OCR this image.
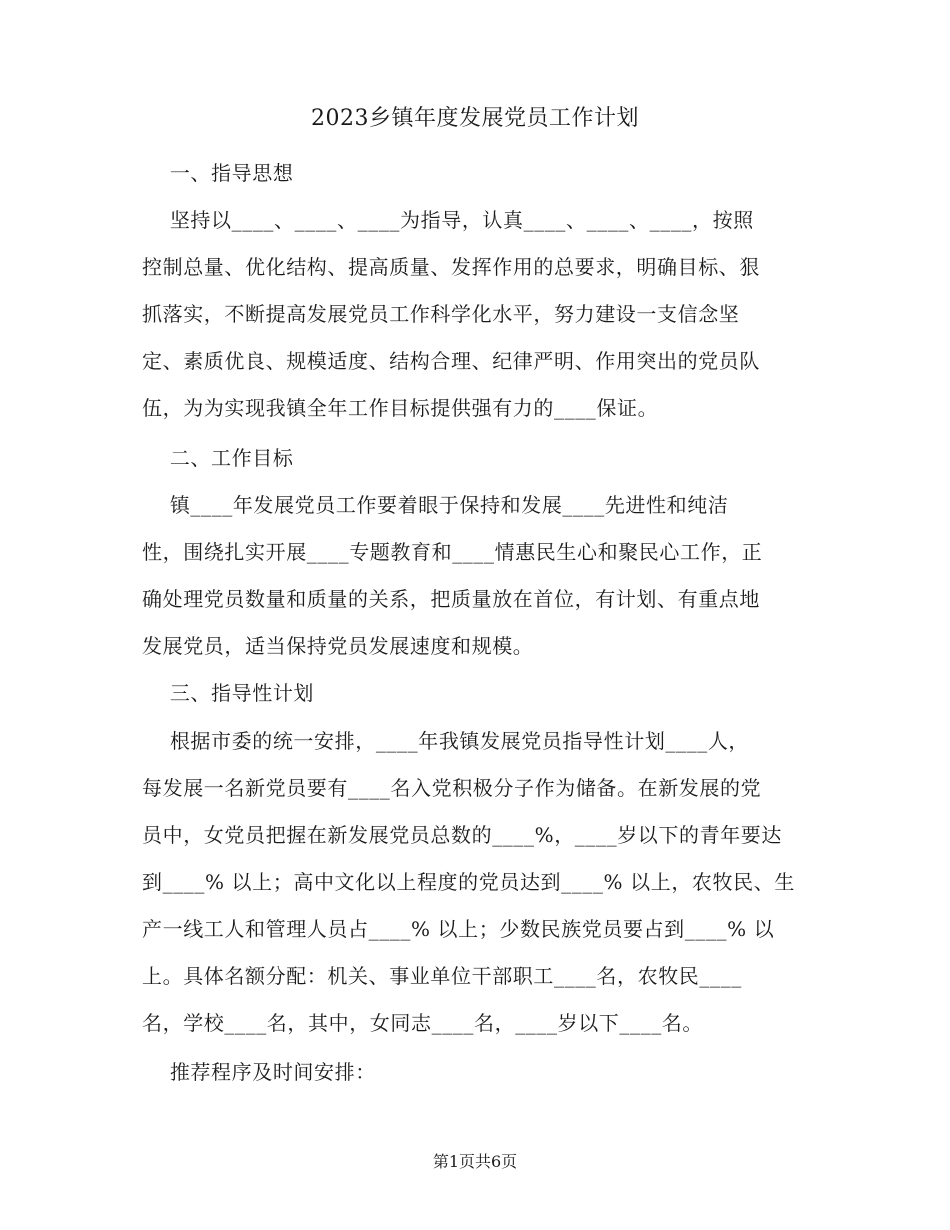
2023乡镇年度发展党员工作计划
一、指导思想
坚持以____、____、____为指导，认真____、____、____，按照
控制总量、优化结构、提高质量、发挥作用的总要求，明确目标、狠
抓落实，不断提高发展党员工作科学化水平，努力建设一支信念坚
定、素质优良、规模适度、结构合理、纪律严明、作用突出的党员队
伍，为为实现我镇全年工作目标提供强有力的____保证。
二、工作目标
镇____年发展党员工作要着眼于保持和发展____先进性和纯洁
性，围绕扎实开展____专题教育和____情惠民生心和聚民心工作，正
确处理党员数量和质量的关系，把质量放在首位，有计划、有重点地
发展党员，适当保持党员发展速度和规模。
三、指导性计划
根据市委的统一安排，____年我镇发展党员指导性计划____人，
每发展一名新党员要有____名入党积极分子作为储备。在新发展的党
员中，女党员把握在新发展党员总数的____%，____岁以下的青年要达
到____% 以上；高中文化以上程度的党员达到____% 以上，农牧民、生
产一线工人和管理人员占____% 以上；少数民族党员要占到____% 以
上。具体名额分配：机关、事业单位干部职工____名，农牧民____
名，学校____名，其中，女同志____名，____岁以下____名。
推荐程序及时间安排：
第1页共6页
